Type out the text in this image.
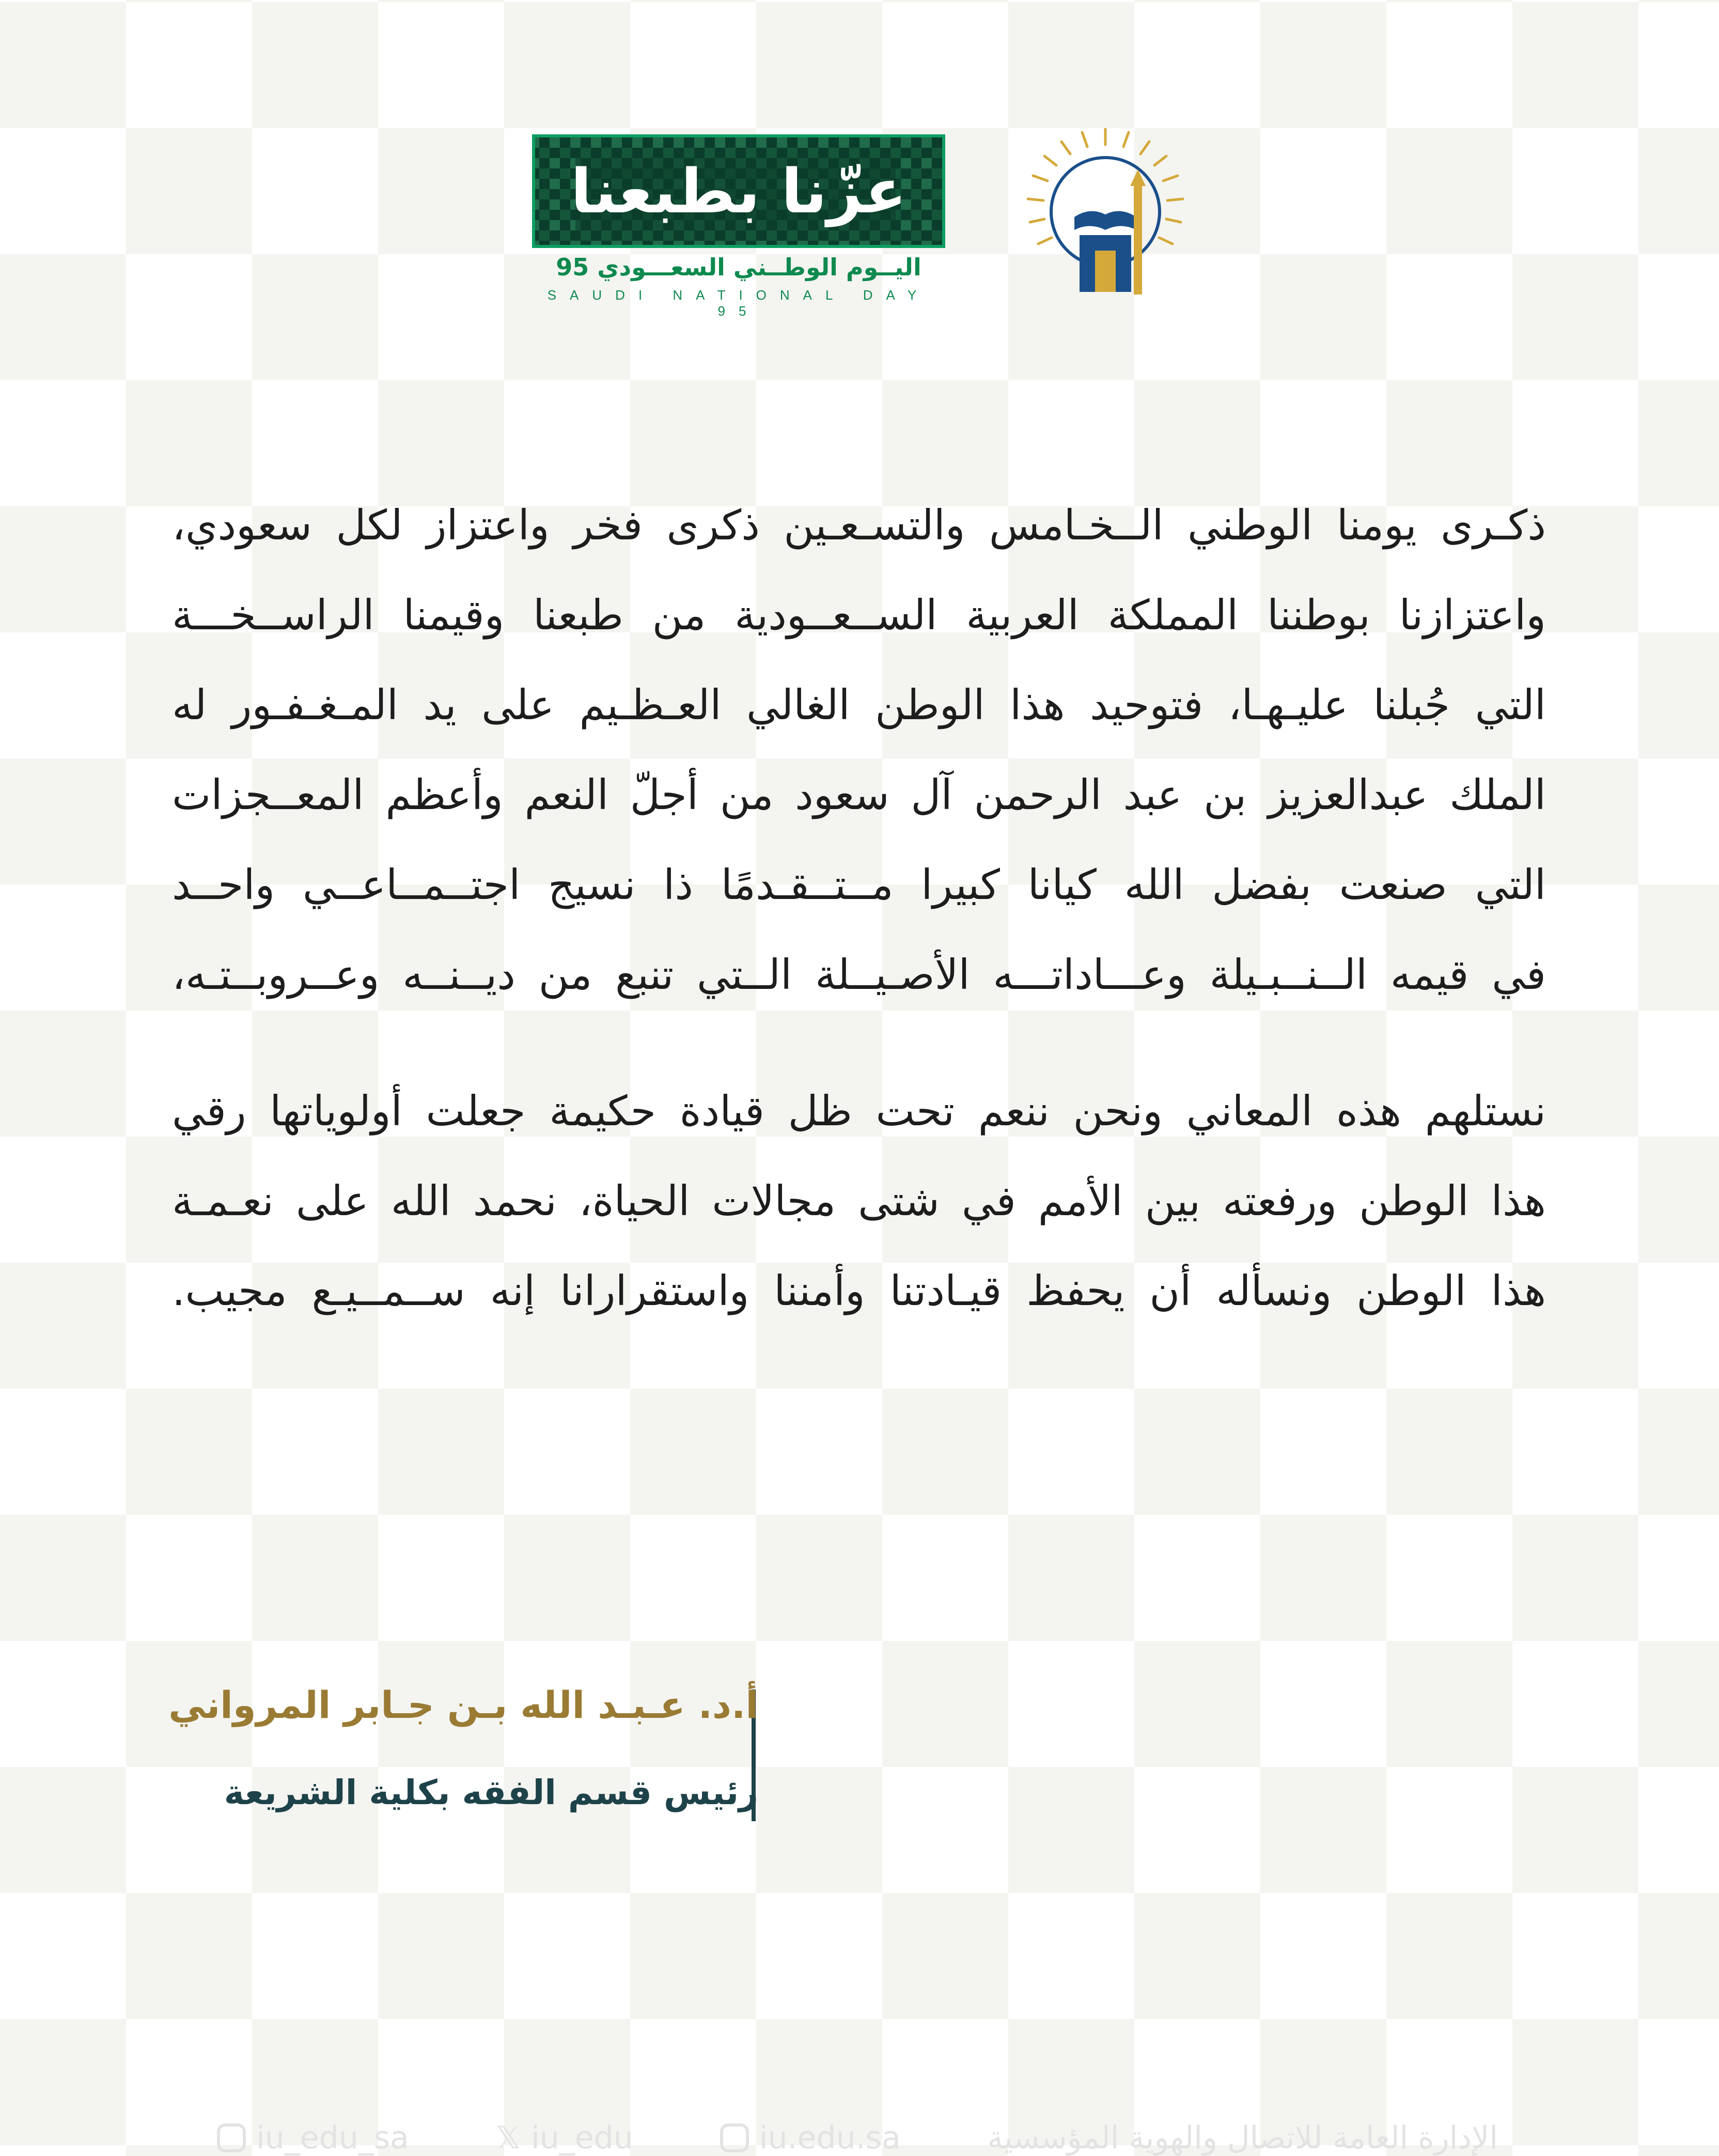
عزّنا بطبعنا
اليــوم الوطــني السعـــودي 95
SAUDI NATIONAL DAY 95

ذكـرى يومنا الوطني الــخـامس والتسـعـين ذكرى فخر واعتزاز لكل سعودي،
واعتزازنا بوطننا المملكة العربية الســعــودية من طبعنا وقيمنا الراســخـــة
التي جُبلنا عليـهـا، فتوحيد هذا الوطن الغالي العـظـيم على يد المـغـفـور له
الملك عبدالعزيز بن عبد الرحمن آل سعود من أجلّ النعم وأعظم المعــجزات
التي صنعت بفضل الله كيانا كبيرا مــتــقـدمًا ذا نسيج اجتــمــاعــي واحــد
في قيمه الــنــبـيلة وعـــاداتـــه الأصـيــلة الــتي تنبع من ديــنــه وعــروبــتـه،

نستلهم هذه المعاني ونحن ننعم تحت ظل قيادة حكيمة جعلت أولوياتها رقي
هذا الوطن ورفعته بين الأمم في شتى مجالات الحياة، نحمد الله على نعـمـة
هذا الوطن ونسأله أن يحفظ قيـادتنا وأمننا واستقرارانا إنه ســمــيـع مجيب.

أ.د. عـبـد الله بـن جـابر المرواني
رئيس قسم الفقه بكلية الشريعة
الإدارة العامة للاتصال والهوية المؤسسية
iu.edu.sa
𝕏 iu_edu
iu_edu_sa
